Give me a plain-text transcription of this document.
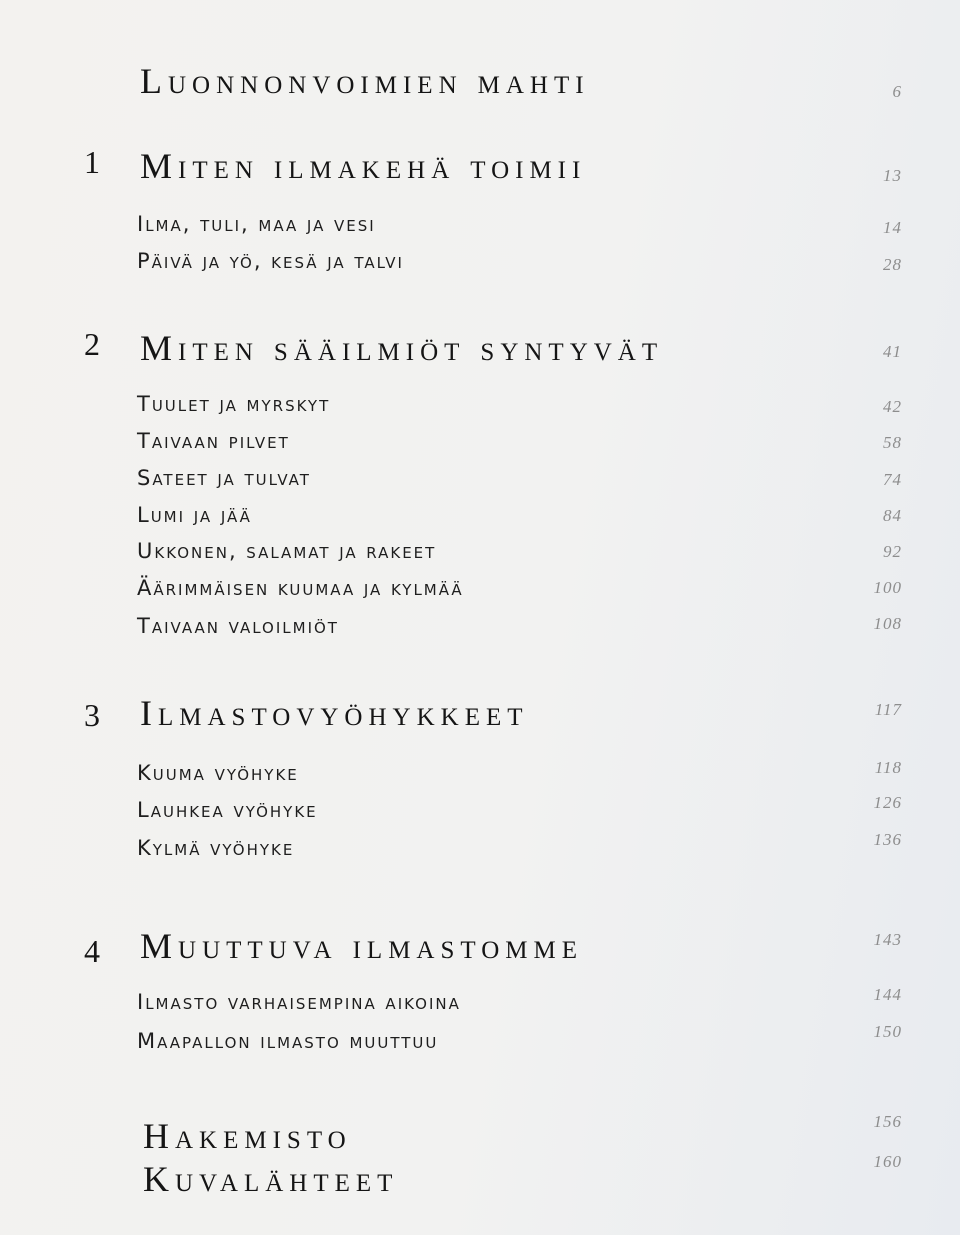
Luonnonvoimien mahti	6
1 Miten ilmakehä toimii	13
Ilma, tuli, maa ja vesi	14
Päivä ja yö, kesä ja talvi	28
2 Miten sääilmiöt syntyvät	41
Tuulet ja myrskyt	42
Taivaan pilvet	58
Sateet ja tulvat	74
Lumi ja jää	84
Ukkonen, salamat ja rakeet	92
Äärimmäisen kuumaa ja kylmää	100
Taivaan valoilmiöt	108
3 Ilmastovyöhykkeet	117
Kuuma vyöhyke	118
Lauhkea vyöhyke	126
Kylmä vyöhyke	136
4 Muuttuva ilmastomme	143
Ilmasto varhaisempina aikoina	144
Maapallon ilmasto muuttuu	150
Hakemisto	156
Kuvalähteet	160
